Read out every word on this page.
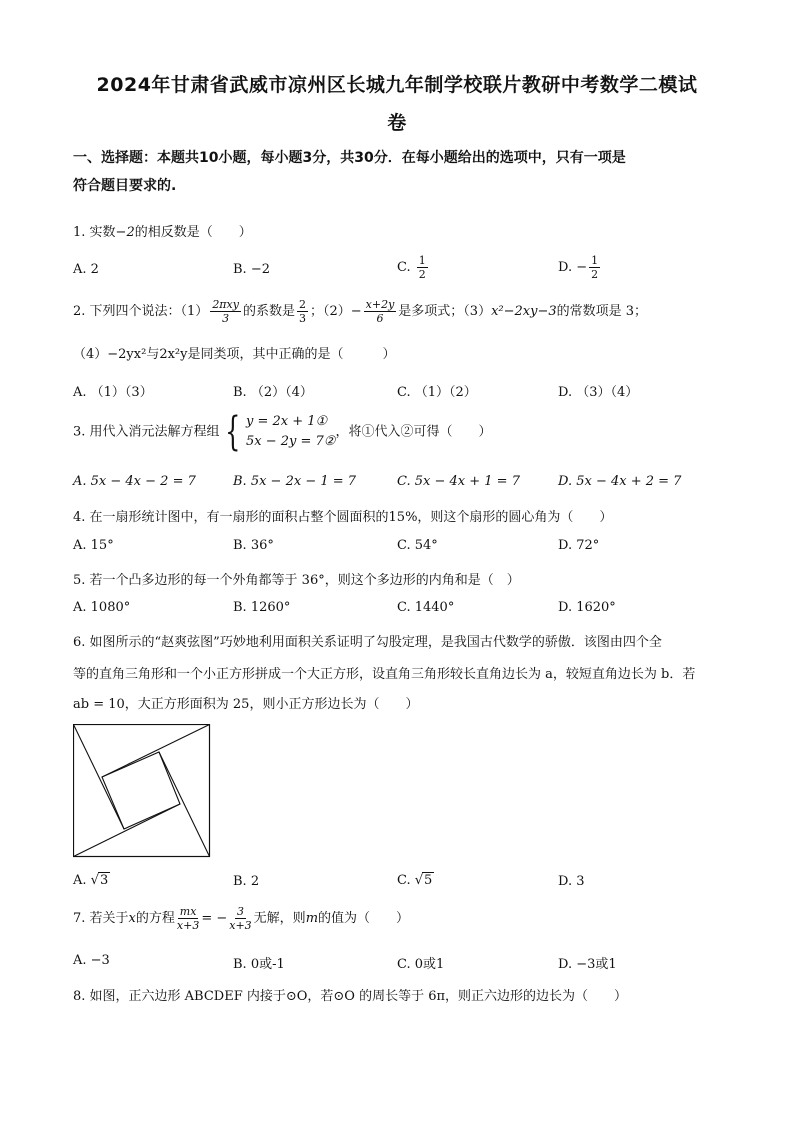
2024年甘肃省武威市凉州区长城九年制学校联片教研中考数学二模试
卷
一、选择题：本题共10小题，每小题3分，共30分．在每小题给出的选项中，只有一项是
符合题目要求的.
1. 实数−2的相反数是（　　）
A. 2	B. −2	C. $\frac{1}{2}$	D. − $\frac{1}{2}$
2. 下列四个说法：$(1) \frac{\text{2πxy}}{3}$ 的系数是 $\frac{2}{3}$ ；$(2)- \frac{x+2y}{6}$ 是多项式；（3）x²−2xy−3的常数项是 3；
（4）−2yx²与2x²y是同类项，其中正确的是（　　　）
A. （1）（3）	B. （2）（4）	C. （1）（2）	D. （3）（4）
3. 用代入消元法解方程组 { y = 2x + 1①
5x − 2y = 7②
，将①代入②可得（　　）
A. 5x − 4x − 2 = 7	B. 5x − 2x − 1 = 7	C. 5x − 4x + 1 = 7	D. 5x − 4x + 2 = 7
4. 在一扇形统计图中，有一扇形的面积占整个圆面积的15%，则这个扇形的圆心角为（　　）
A. 15°	B. 36°	C. 54°	D. 72°
5. 若一个凸多边形的每一个外角都等于 36°，则这个多边形的内角和是（　）
A. 1080°	B. 1260°	C. 1440°	D. 1620°
6. 如图所示的“赵爽弦图”巧妙地利用面积关系证明了勾股定理，是我国古代数学的骄傲．该图由四个全
等的直角三角形和一个小正方形拼成一个大正方形，设直角三角形较长直角边长为 a，较短直角边长为 b．若
ab = 10，大正方形面积为 25，则小正方形边长为（　　）
A. √3	B. 2	C. √5	D. 3
7. 若关于x的方程 $\frac{mx}{x+3}$ = − $\frac{3}{x+3}$ 无解，则m的值为（　　）
A. −3	B. 0或-1	C. 0或1	D. −3或1
8. 如图，正六边形 ABCDEF 内接于⊙O，若⊙O 的周长等于 6π，则正六边形的边长为（　　）
